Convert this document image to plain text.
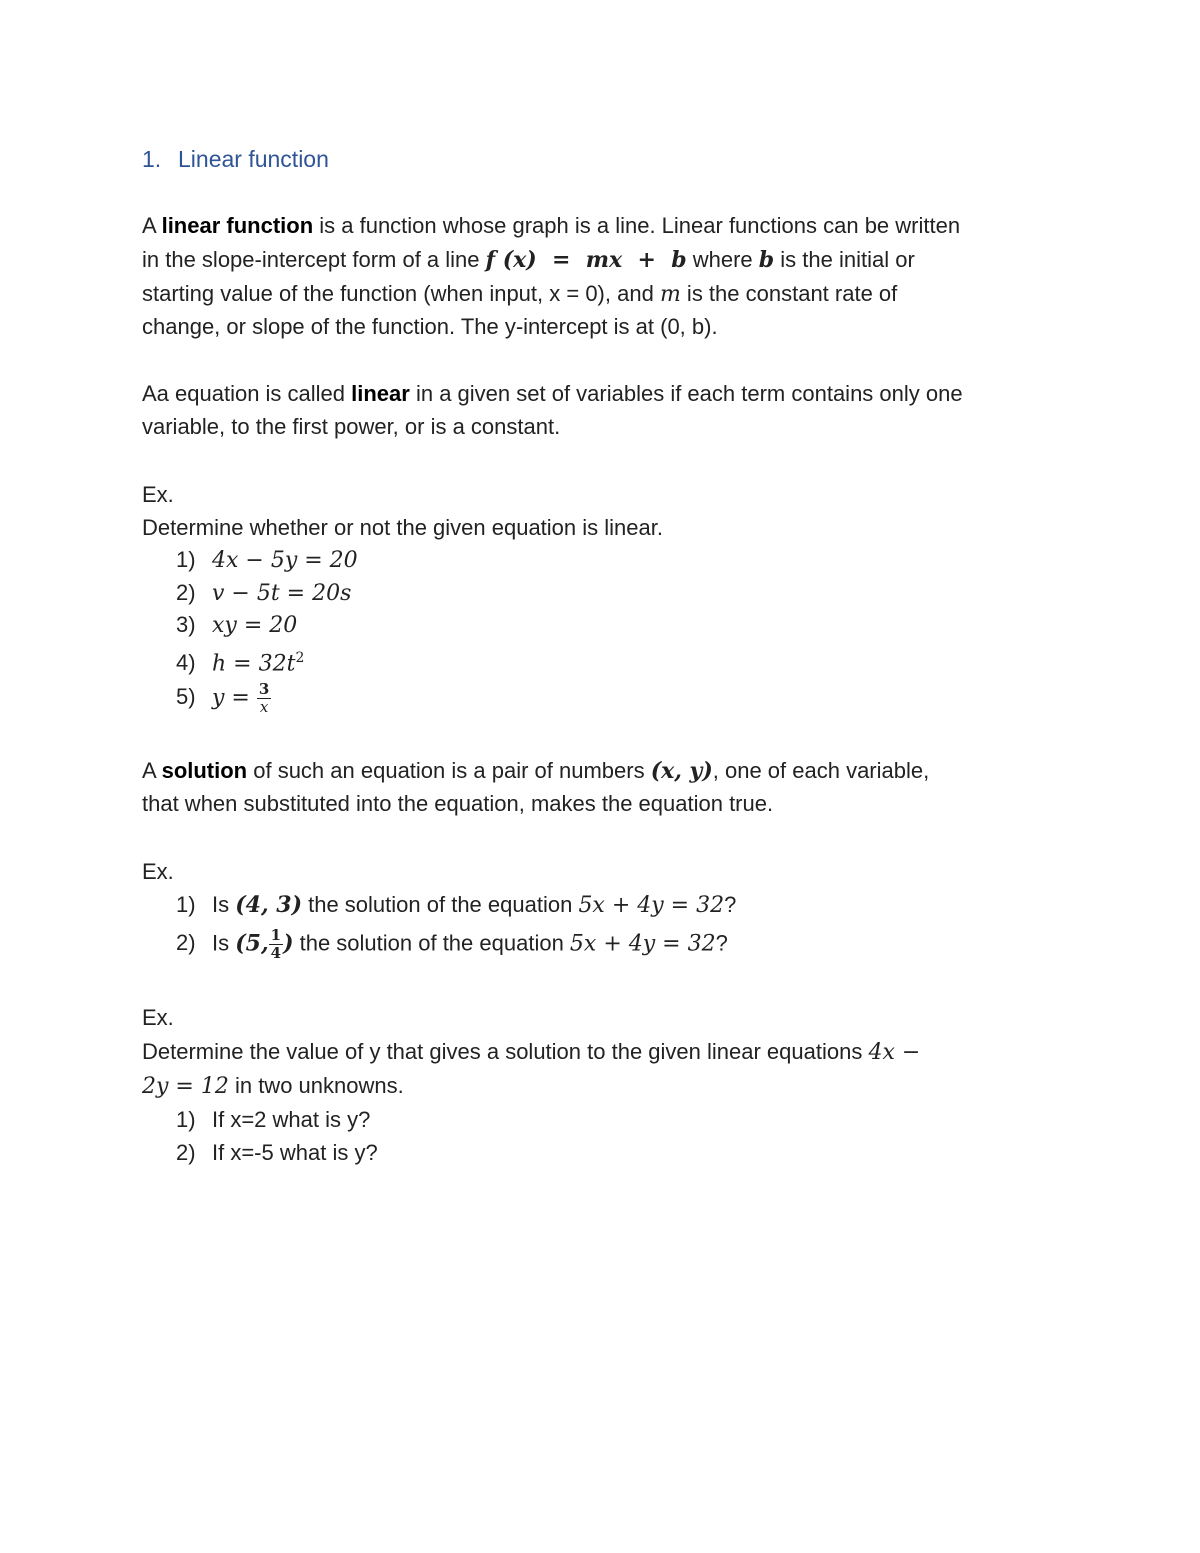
1. Linear function
A linear function is a function whose graph is a line. Linear functions can be written
in the slope-intercept form of a line f (x)  =  mx  +  b where b is the initial or
starting value of the function (when input, x = 0), and m is the constant rate of
change, or slope of the function. The y-intercept is at (0, b).
Aa equation is called linear in a given set of variables if each term contains only one
variable, to the first power, or is a constant.
Ex.
Determine whether or not the given equation is linear.
1) 4x − 5y = 20
2) v − 5t = 20s
3) xy = 20
4) $h = 32t^2$
5) $y = \frac{3}{x}$
A solution of such an equation is a pair of numbers (x, y), one of each variable,
that when substituted into the equation, makes the equation true.
Ex.
1) Is (4, 3) the solution of the equation 5x + 4y = 32?
2) Is (5, $\frac{1}{4}$ ) the solution of the equation 5x + 4y = 32?
Ex.
Determine the value of y that gives a solution to the given linear equations 4x −
2y = 12 in two unknowns.
1) If x=2 what is y?
2) If x=-5 what is y?
